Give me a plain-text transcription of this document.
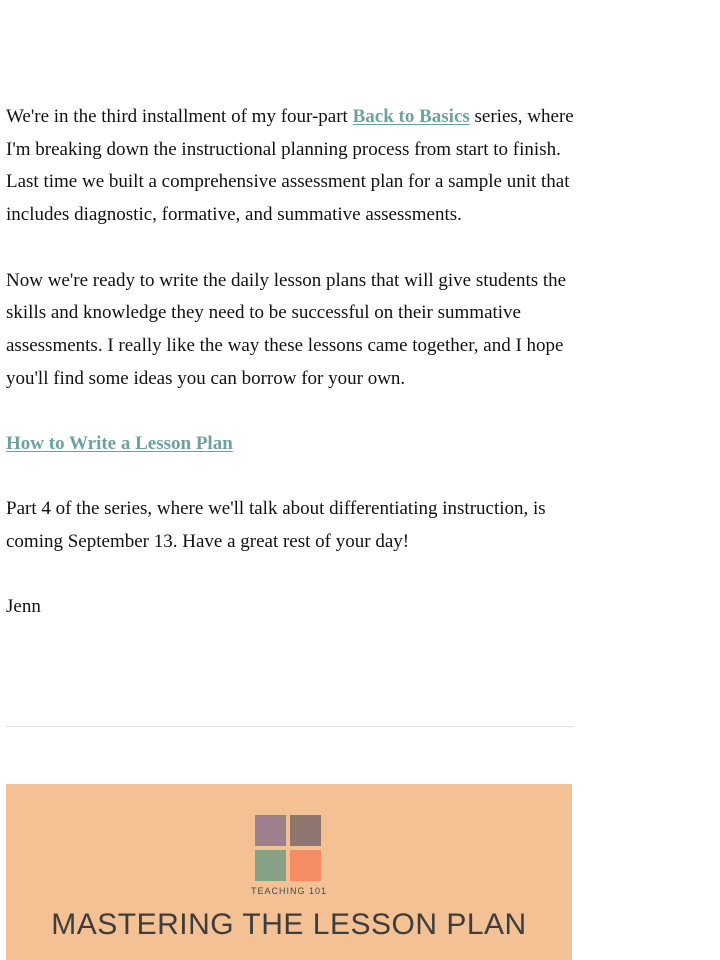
We're in the third installment of my four-part Back to Basics series, where I'm breaking down the instructional planning process from start to finish. Last time we built a comprehensive assessment plan for a sample unit that includes diagnostic, formative, and summative assessments.

Now we're ready to write the daily lesson plans that will give students the skills and knowledge they need to be successful on their summative assessments. I really like the way these lessons came together, and I hope you'll find some ideas you can borrow for your own.

How to Write a Lesson Plan

Part 4 of the series, where we'll talk about differentiating instruction, is coming September 13. Have a great rest of your day!

Jenn

TEACHING 101
MASTERING THE LESSON PLAN
